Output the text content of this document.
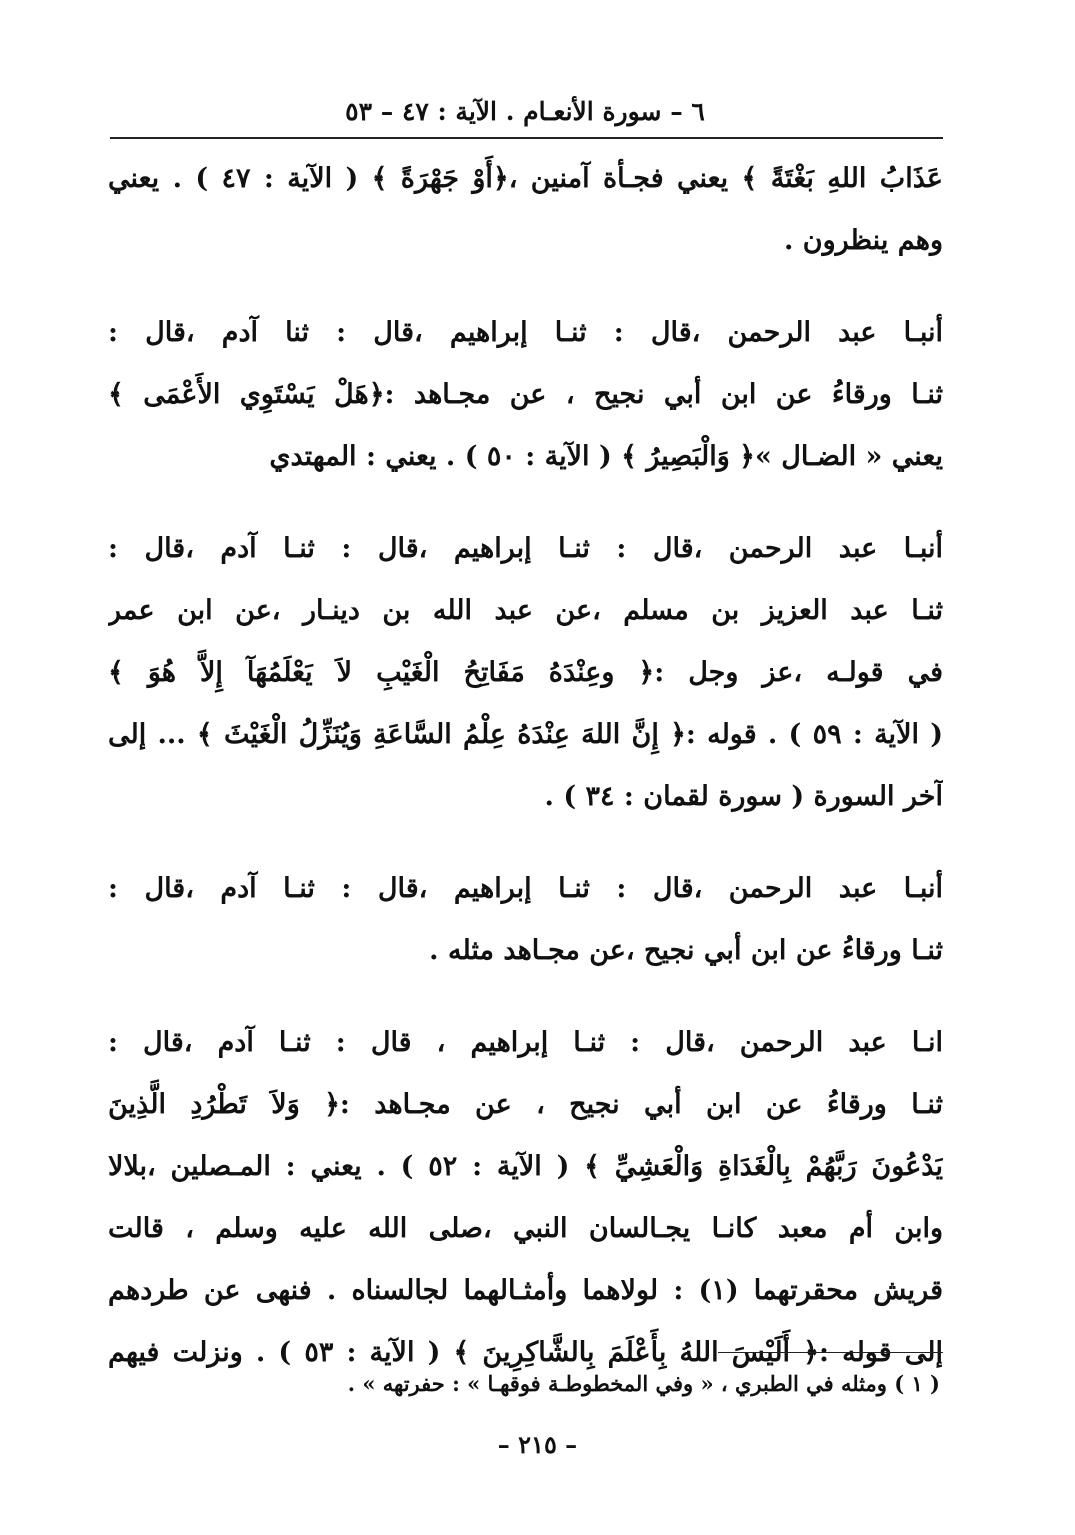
٦ – سورة الأنعـام . الآية : ٤٧ – ٥٣
عَذَابُ اللهِ بَغْتَةً ﴾ يعني فجـأة آمنين ،﴿أَوْ جَهْرَةً ﴾ ( الآية : ٤٧ ) . يعني
وهم ينظرون .
أنبـا عبد الرحمن ،قال : ثنـا إبراهيم ،قال : ثنا آدم ،قال :
ثنـا ورقاءُ عن ابن أبي نجيح ، عن مجـاهد :﴿هَلْ يَسْتَوِي الأَعْمَى ﴾
يعني « الضـال »﴿ وَالْبَصِيرُ ﴾ ( الآية : ٥٠ ) . يعني : المهتدي
أنبـا عبد الرحمن ،قال : ثنـا إبراهيم ،قال : ثنـا آدم ،قال :
ثنـا عبد العزيز بن مسلم ،عن عبد الله بن دينـار ،عن ابن عمر
في قولـه ،عز وجل :﴿ وعِنْدَهُ مَفَاتِحُ الْغَيْبِ لاَ يَعْلَمُهَآ إِلاَّ هُوَ ﴾
( الآية : ٥٩ ) . قوله :﴿ إِنَّ اللهَ عِنْدَهُ عِلْمُ السَّاعَةِ وَيُنَزِّلُ الْغَيْثَ ﴾ ... إلى
آخر السورة ( سورة لقمان : ٣٤ ) .
أنبـا عبد الرحمن ،قال : ثنـا إبراهيم ،قال : ثنـا آدم ،قال :
ثنـا ورقاءُ عن ابن أبي نجيح ،عن مجـاهد مثله .
انـا عبد الرحمن ،قال : ثنـا إبراهيم ، قال : ثنـا آدم ،قال :
ثنـا ورقاءُ عن ابن أبي نجيح ، عن مجـاهد :﴿ وَلاَ تَطْرُدِ الَّذِينَ
يَدْعُونَ رَبَّهُمْ بِالْغَدَاةِ وَالْعَشِيِّ ﴾ ( الآية : ٥٢ ) . يعني : المـصلين ،بلالا
وابن أم معبد كانـا يجـالسان النبي ،صلى الله عليه وسلم ، قالت
قريش محقرتهما (١) : لولاهما وأمثـالهما لجالسناه . فنهى عن طردهم
إلى قوله :﴿ أَلَيْسَ اللهُ بِأَعْلَمَ بِالشَّاكِرِينَ ﴾ ( الآية : ٥٣ ) . ونزلت فيهم
( ١ ) ومثله في الطبري ، « وفي المخطوطـة فوقهـا » : حفرتهه » .
– ٢١٥ –
